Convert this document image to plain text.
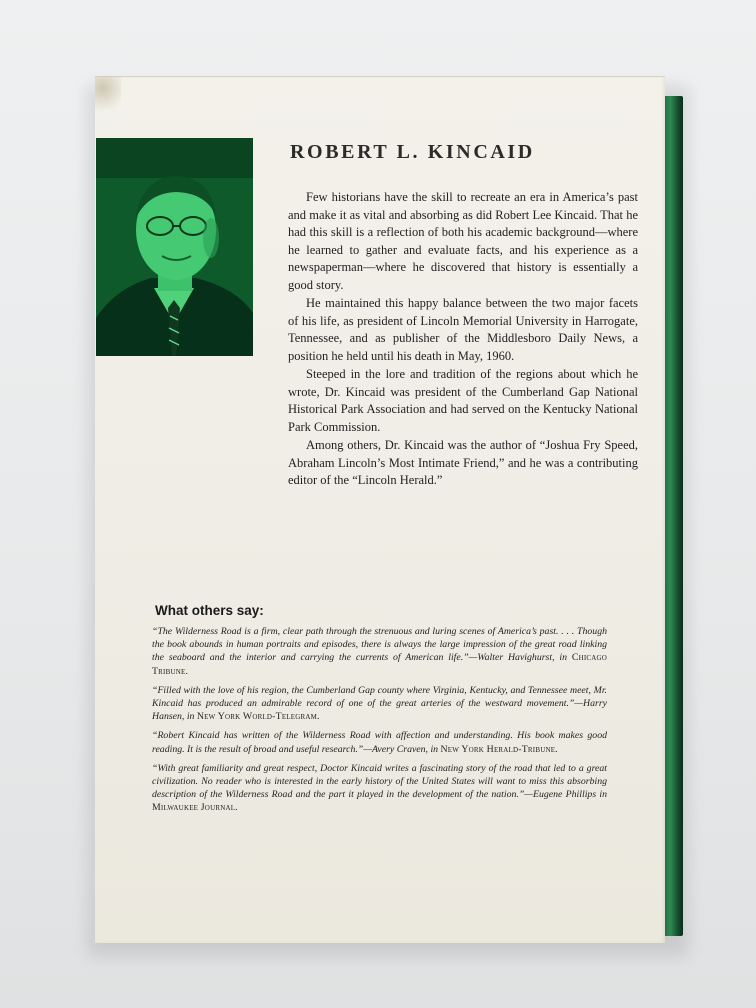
ROBERT L. KINCAID

Few historians have the skill to recreate an era in America’s past and make it as vital and absorbing as did Robert Lee Kincaid. That he had this skill is a reflection of both his academic background—where he learned to gather and evaluate facts, and his experience as a newspaperman—where he discovered that history is essentially a good story.

He maintained this happy balance between the two major facets of his life, as president of Lincoln Memorial University in Harrogate, Tennessee, and as publisher of the Middlesboro Daily News, a position he held until his death in May, 1960.

Steeped in the lore and tradition of the regions about which he wrote, Dr. Kincaid was president of the Cumberland Gap National Historical Park Association and had served on the Kentucky National Park Commission.

Among others, Dr. Kincaid was the author of “Joshua Fry Speed, Abraham Lincoln’s Most Intimate Friend,” and he was a contributing editor of the “Lincoln Herald.”

What others say:

“The Wilderness Road is a firm, clear path through the strenuous and luring scenes of America’s past. . . . Though the book abounds in human portraits and episodes, there is always the large impression of the great road linking the seaboard and the interior and carrying the currents of American life.”—Walter Havighurst, in Chicago Tribune.

“Filled with the love of his region, the Cumberland Gap county where Virginia, Kentucky, and Tennessee meet, Mr. Kincaid has produced an admirable record of one of the great arteries of the westward movement.”—Harry Hansen, in New York World-Telegram.

“Robert Kincaid has written of the Wilderness Road with affection and understanding. His book makes good reading. It is the result of broad and useful research.”—Avery Craven, in New York Herald-Tribune.

“With great familiarity and great respect, Doctor Kincaid writes a fascinating story of the road that led to a great civilization. No reader who is interested in the early history of the United States will want to miss this absorbing description of the Wilderness Road and the part it played in the development of the nation.”—Eugene Phillips in Milwaukee Journal.
